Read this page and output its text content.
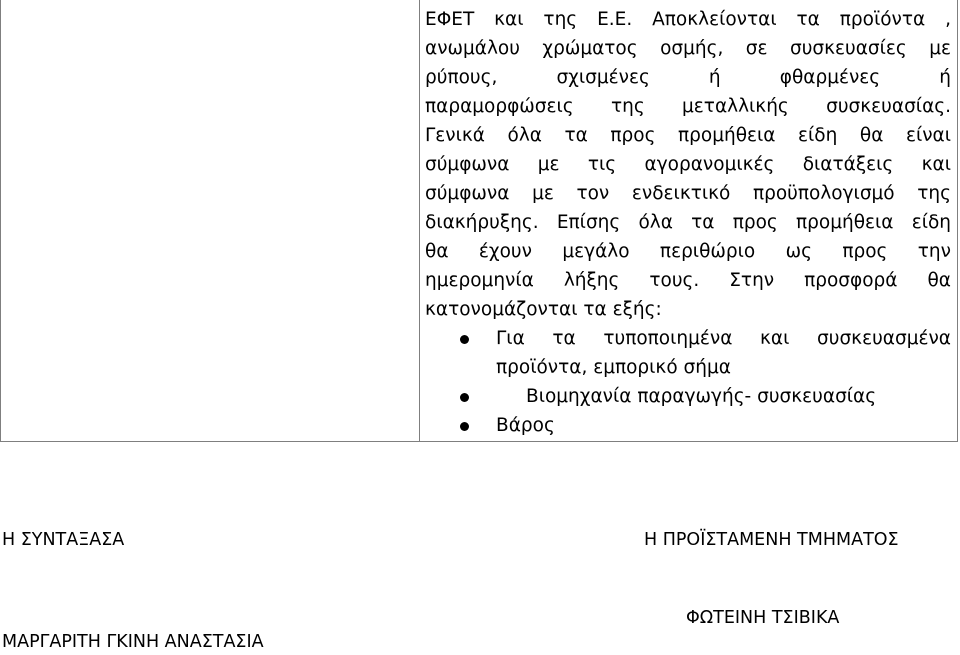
ΕΦΕΤ και της Ε.Ε. Αποκλείονται τα προϊόντα ,
ανωμάλου χρώματος οσμής, σε συσκευασίες με
ρύπους, σχισμένες ή φθαρμένες ή
παραμορφώσεις της μεταλλικής συσκευασίας.
Γενικά όλα τα προς προμήθεια είδη θα είναι
σύμφωνα με τις αγορανομικές διατάξεις και
σύμφωνα με τον ενδεικτικό προϋπολογισμό της
διακήρυξης. Επίσης όλα τα προς προμήθεια είδη
θα έχουν μεγάλο περιθώριο ως προς την
ημερομηνία λήξης τους. Στην προσφορά θα
κατονομάζονται τα εξής:
Για τα τυποποιημένα και συσκευασμένα
προϊόντα, εμπορικό σήμα
Βιομηχανία παραγωγής- συσκευασίας
Βάρος
Η ΣΥΝΤΑΞΑΣΑ	Η ΠΡΟΪΣΤΑΜΕΝΗ ΤΜΗΜΑΤΟΣ
ΦΩΤΕΙΝΗ ΤΣΙΒΙΚΑ
ΜΑΡΓΑΡΙΤΗ ΓΚΙΝΗ ΑΝΑΣΤΑΣΙΑ
